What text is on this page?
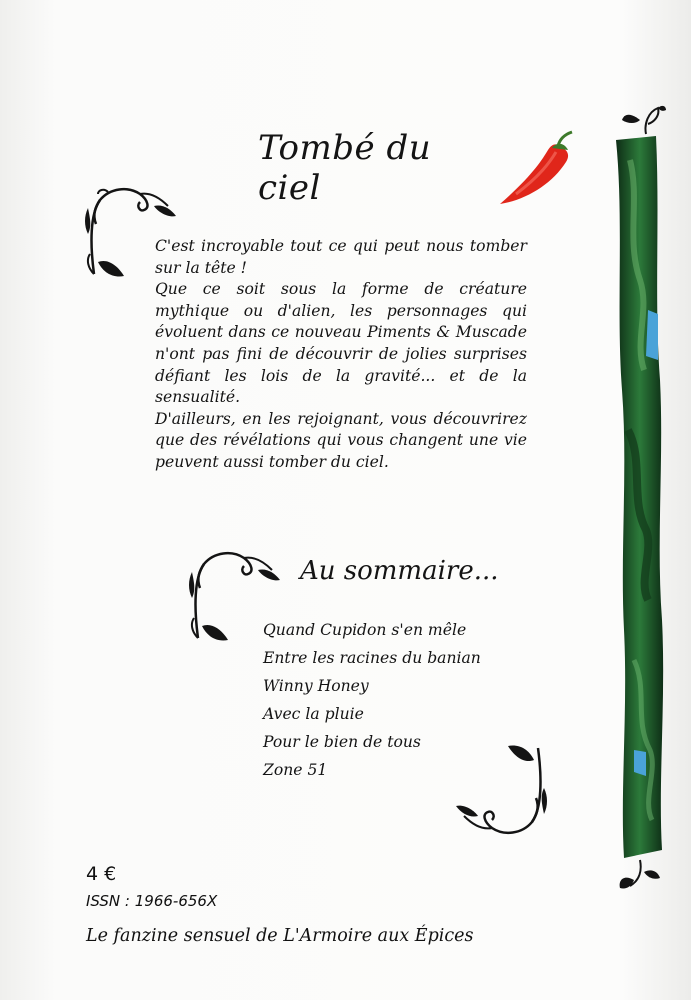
Tombé du ciel

C'est incroyable tout ce qui peut nous tomber sur la tête !

Que ce soit sous la forme de créature mythique ou d'alien, les personnages qui évoluent dans ce nouveau Piments & Muscade n'ont pas fini de découvrir de jolies surprises défiant les lois de la gravité... et de la sensualité.

D'ailleurs, en les rejoignant, vous découvrirez que des révélations qui vous changent une vie peuvent aussi tomber du ciel.

Au sommaire...
Quand Cupidon s'en mêle
Entre les racines du banian
Winny Honey
Avec la pluie
Pour le bien de tous
Zone 51
4 €
ISSN : 1966-656X
Le fanzine sensuel de L'Armoire aux Épices
